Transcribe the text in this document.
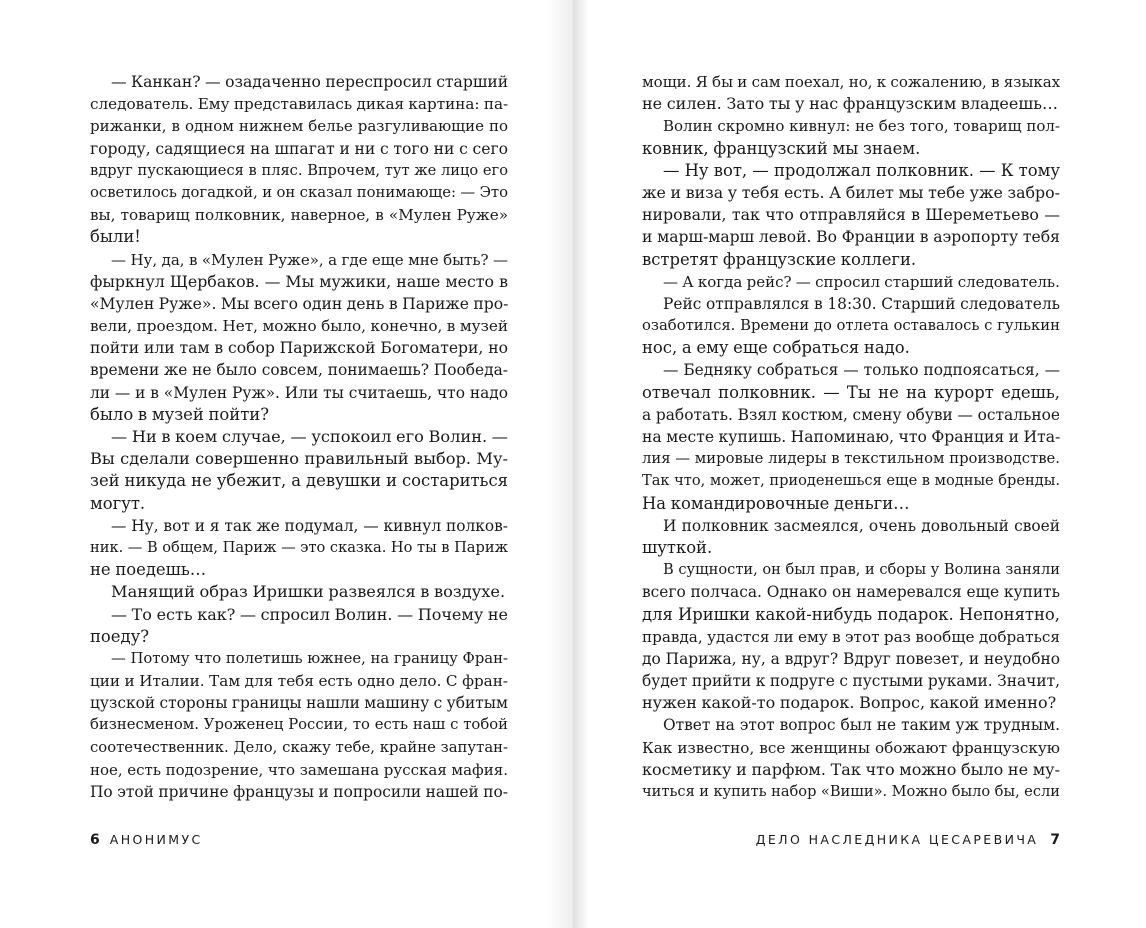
— Канкан? — озадаченно переспросил старший
следователь. Ему представилась дикая картина: па-
рижанки, в одном нижнем белье разгуливающие по
городу, садящиеся на шпагат и ни с того ни с сего
вдруг пускающиеся в пляс. Впрочем, тут же лицо его
осветилось догадкой, и он сказал понимающе: — Это
вы, товарищ полковник, наверное, в «Мулен Руже»
были!
— Ну, да, в «Мулен Руже», а где еще мне быть? —
фыркнул Щербаков. — Мы мужики, наше место в
«Мулен Руже». Мы всего один день в Париже про-
вели, проездом. Нет, можно было, конечно, в музей
пойти или там в собор Парижской Богоматери, но
времени же не было совсем, понимаешь? Пообеда-
ли — и в «Мулен Руж». Или ты считаешь, что надо
было в музей пойти?
— Ни в коем случае, — успокоил его Волин. —
Вы сделали совершенно правильный выбор. Му-
зей никуда не убежит, а девушки и состариться
могут.
— Ну, вот и я так же подумал, — кивнул полков-
ник. — В общем, Париж — это сказка. Но ты в Париж
не поедешь…
Манящий образ Иришки развеялся в воздухе.
— То есть как? — спросил Волин. — Почему не
поеду?
— Потому что полетишь южнее, на границу Фран-
ции и Италии. Там для тебя есть одно дело. С фран-
цузской стороны границы нашли машину с убитым
бизнесменом. Уроженец России, то есть наш с тобой
соотечественник. Дело, скажу тебе, крайне запутан-
ное, есть подозрение, что замешана русская мафия.
По этой причине французы и попросили нашей по-
6 АНОНИМУС
мощи. Я бы и сам поехал, но, к сожалению, в языках
не силен. Зато ты у нас французским владеешь…
Волин скромно кивнул: не без того, товарищ пол-
ковник, французский мы знаем.
— Ну вот, — продолжал полковник. — К тому
же и виза у тебя есть. А билет мы тебе уже забро-
нировали, так что отправляйся в Шереметьево —
и марш-марш левой. Во Франции в аэропорту тебя
встретят французские коллеги.
— А когда рейс? — спросил старший следователь.
Рейс отправлялся в 18:30. Старший следователь
озаботился. Времени до отлета оставалось с гулькин
нос, а ему еще собраться надо.
— Бедняку собраться — только подпоясаться, —
отвечал полковник. — Ты не на курорт едешь,
а работать. Взял костюм, смену обуви — остальное
на месте купишь. Напоминаю, что Франция и Ита-
лия — мировые лидеры в текстильном производстве.
Так что, может, приоденешься еще в модные бренды.
На командировочные деньги…
И полковник засмеялся, очень довольный своей
шуткой.
В сущности, он был прав, и сборы у Волина заняли
всего полчаса. Однако он намеревался еще купить
для Иришки какой-нибудь подарок. Непонятно,
правда, удастся ли ему в этот раз вообще добраться
до Парижа, ну, а вдруг? Вдруг повезет, и неудобно
будет прийти к подруге с пустыми руками. Значит,
нужен какой-то подарок. Вопрос, какой именно?
Ответ на этот вопрос был не таким уж трудным.
Как известно, все женщины обожают французскую
косметику и парфюм. Так что можно было не му-
читься и купить набор «Виши». Можно было бы, если
ДЕЛО НАСЛЕДНИКА ЦЕСАРЕВИЧА 7
